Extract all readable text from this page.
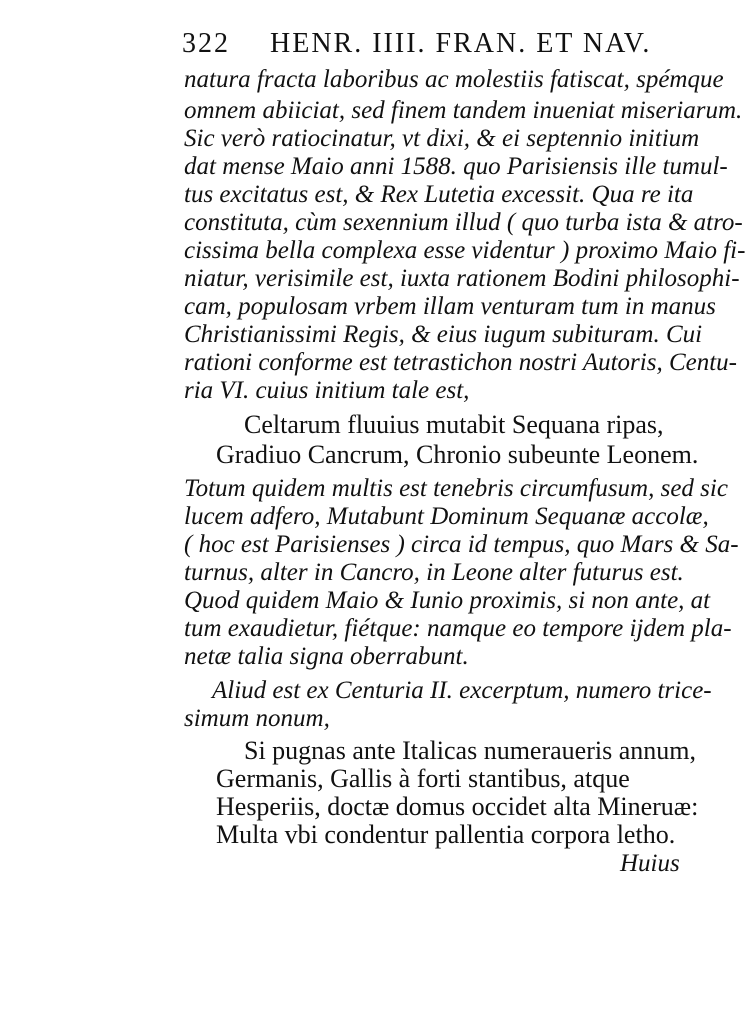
322 HENR. IIII. FRAN. ET NAV.
natura fracta laboribus ac molestiis fatiscat, spémque
omnem abiiciat, sed finem tandem inueniat miseriarum.
Sic verò ratiocinatur, vt dixi, & ei septennio initium
dat mense Maio anni 1588. quo Parisiensis ille tumul-
tus excitatus est, & Rex Lutetia excessit. Qua re ita
constituta, cùm sexennium illud ( quo turba ista & atro-
cissima bella complexa esse videntur ) proximo Maio fi-
niatur, verisimile est, iuxta rationem Bodini philosophi-
cam, populosam vrbem illam venturam tum in manus
Christianissimi Regis, & eius iugum subituram. Cui
rationi conforme est tetrastichon nostri Autoris, Centu-
ria VI. cuius initium tale est,
Celtarum fluuius mutabit Sequana ripas,
Gradiuo Cancrum, Chronio subeunte Leonem.
Totum quidem multis est tenebris circumfusum, sed sic
lucem adfero, Mutabunt Dominum Sequanæ accolæ,
( hoc est Parisienses ) circa id tempus, quo Mars & Sa-
turnus, alter in Cancro, in Leone alter futurus est.
Quod quidem Maio & Iunio proximis, si non ante, at
tum exaudietur, fiétque: namque eo tempore ijdem pla-
netæ talia signa oberrabunt.
Aliud est ex Centuria II. excerptum, numero trice-
simum nonum,
Si pugnas ante Italicas numeraueris annum,
Germanis, Gallis à forti stantibus, atque
Hesperiis, doctæ domus occidet alta Mineruæ:
Multa vbi condentur pallentia corpora letho.
Huius
